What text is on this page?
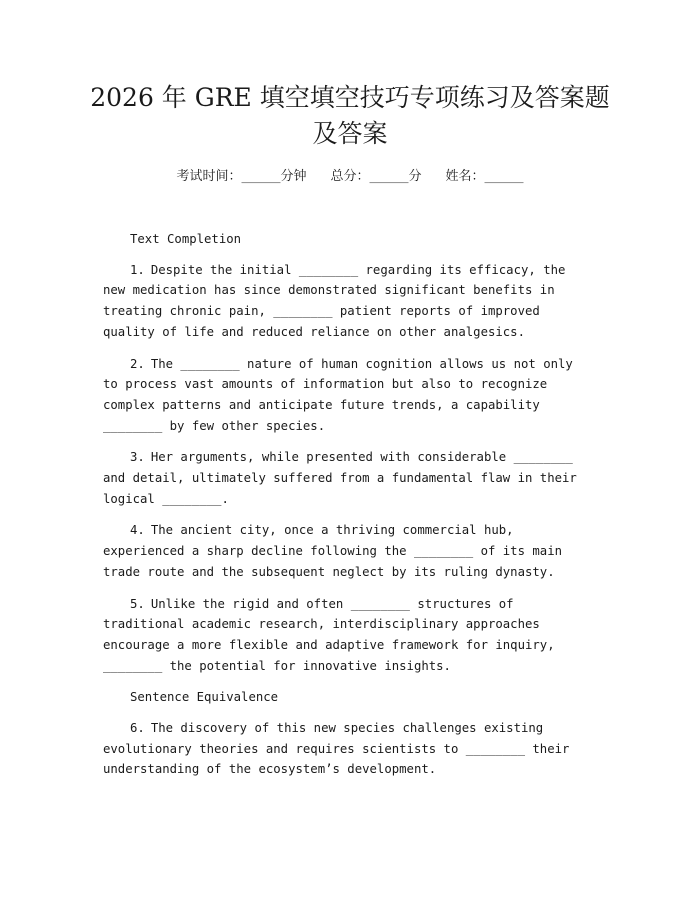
2026 年 GRE 填空填空技巧专项练习及答案题及答案
考试时间：______分钟 总分：______分 姓名：______

Text Completion

1. Despite the initial ________ regarding its efficacy, the new medication has since demonstrated significant benefits in treating chronic pain, ________ patient reports of improved quality of life and reduced reliance on other analgesics.

2. The ________ nature of human cognition allows us not only to process vast amounts of information but also to recognize complex patterns and anticipate future trends, a capability ________ by few other species.

3. Her arguments, while presented with considerable ________ and detail, ultimately suffered from a fundamental flaw in their logical ________.

4. The ancient city, once a thriving commercial hub, experienced a sharp decline following the ________ of its main trade route and the subsequent neglect by its ruling dynasty.

5. Unlike the rigid and often ________ structures of traditional academic research, interdisciplinary approaches encourage a more flexible and adaptive framework for inquiry, ________ the potential for innovative insights.

Sentence Equivalence

6. The discovery of this new species challenges existing evolutionary theories and requires scientists to ________ their understanding of the ecosystem’s development.
